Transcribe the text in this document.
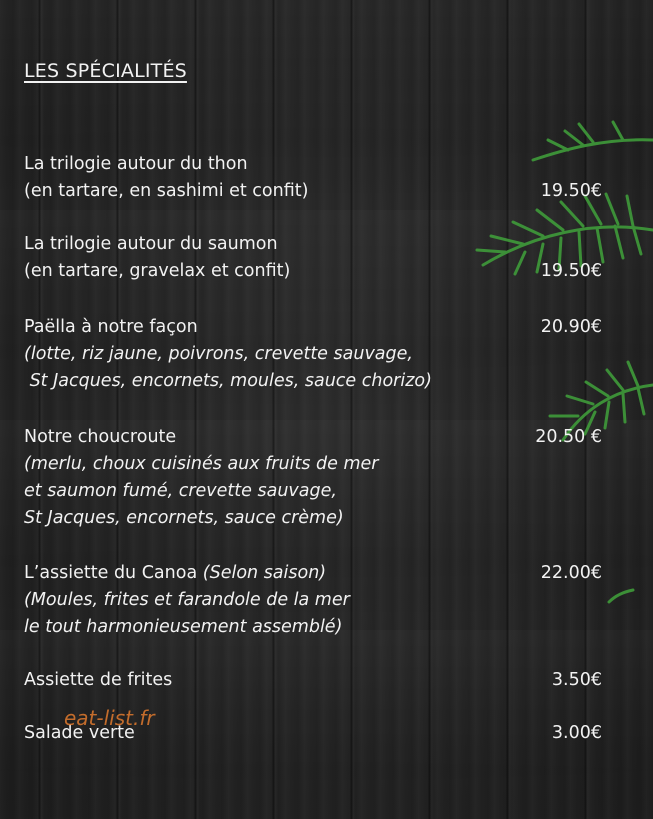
LES SPÉCIALITÉS
La trilogie autour du thon
(en tartare, en sashimi et confit)	19.50€
La trilogie autour du saumon
(en tartare, gravelax et confit)	19.50€
Paëlla à notre façon	20.90€
(lotte, riz jaune, poivrons, crevette sauvage,
St Jacques, encornets, moules, sauce chorizo)
Notre choucroute	20.50 €
(merlu, choux cuisinés aux fruits de mer
et saumon fumé, crevette sauvage,
St Jacques, encornets, sauce crème)
L’assiette du Canoa (Selon saison)	22.00€
(Moules, frites et farandole de la mer
le tout harmonieusement assemblé)
Assiette de frites	3.50€
Salade verte	3.00€
eat-list.fr
